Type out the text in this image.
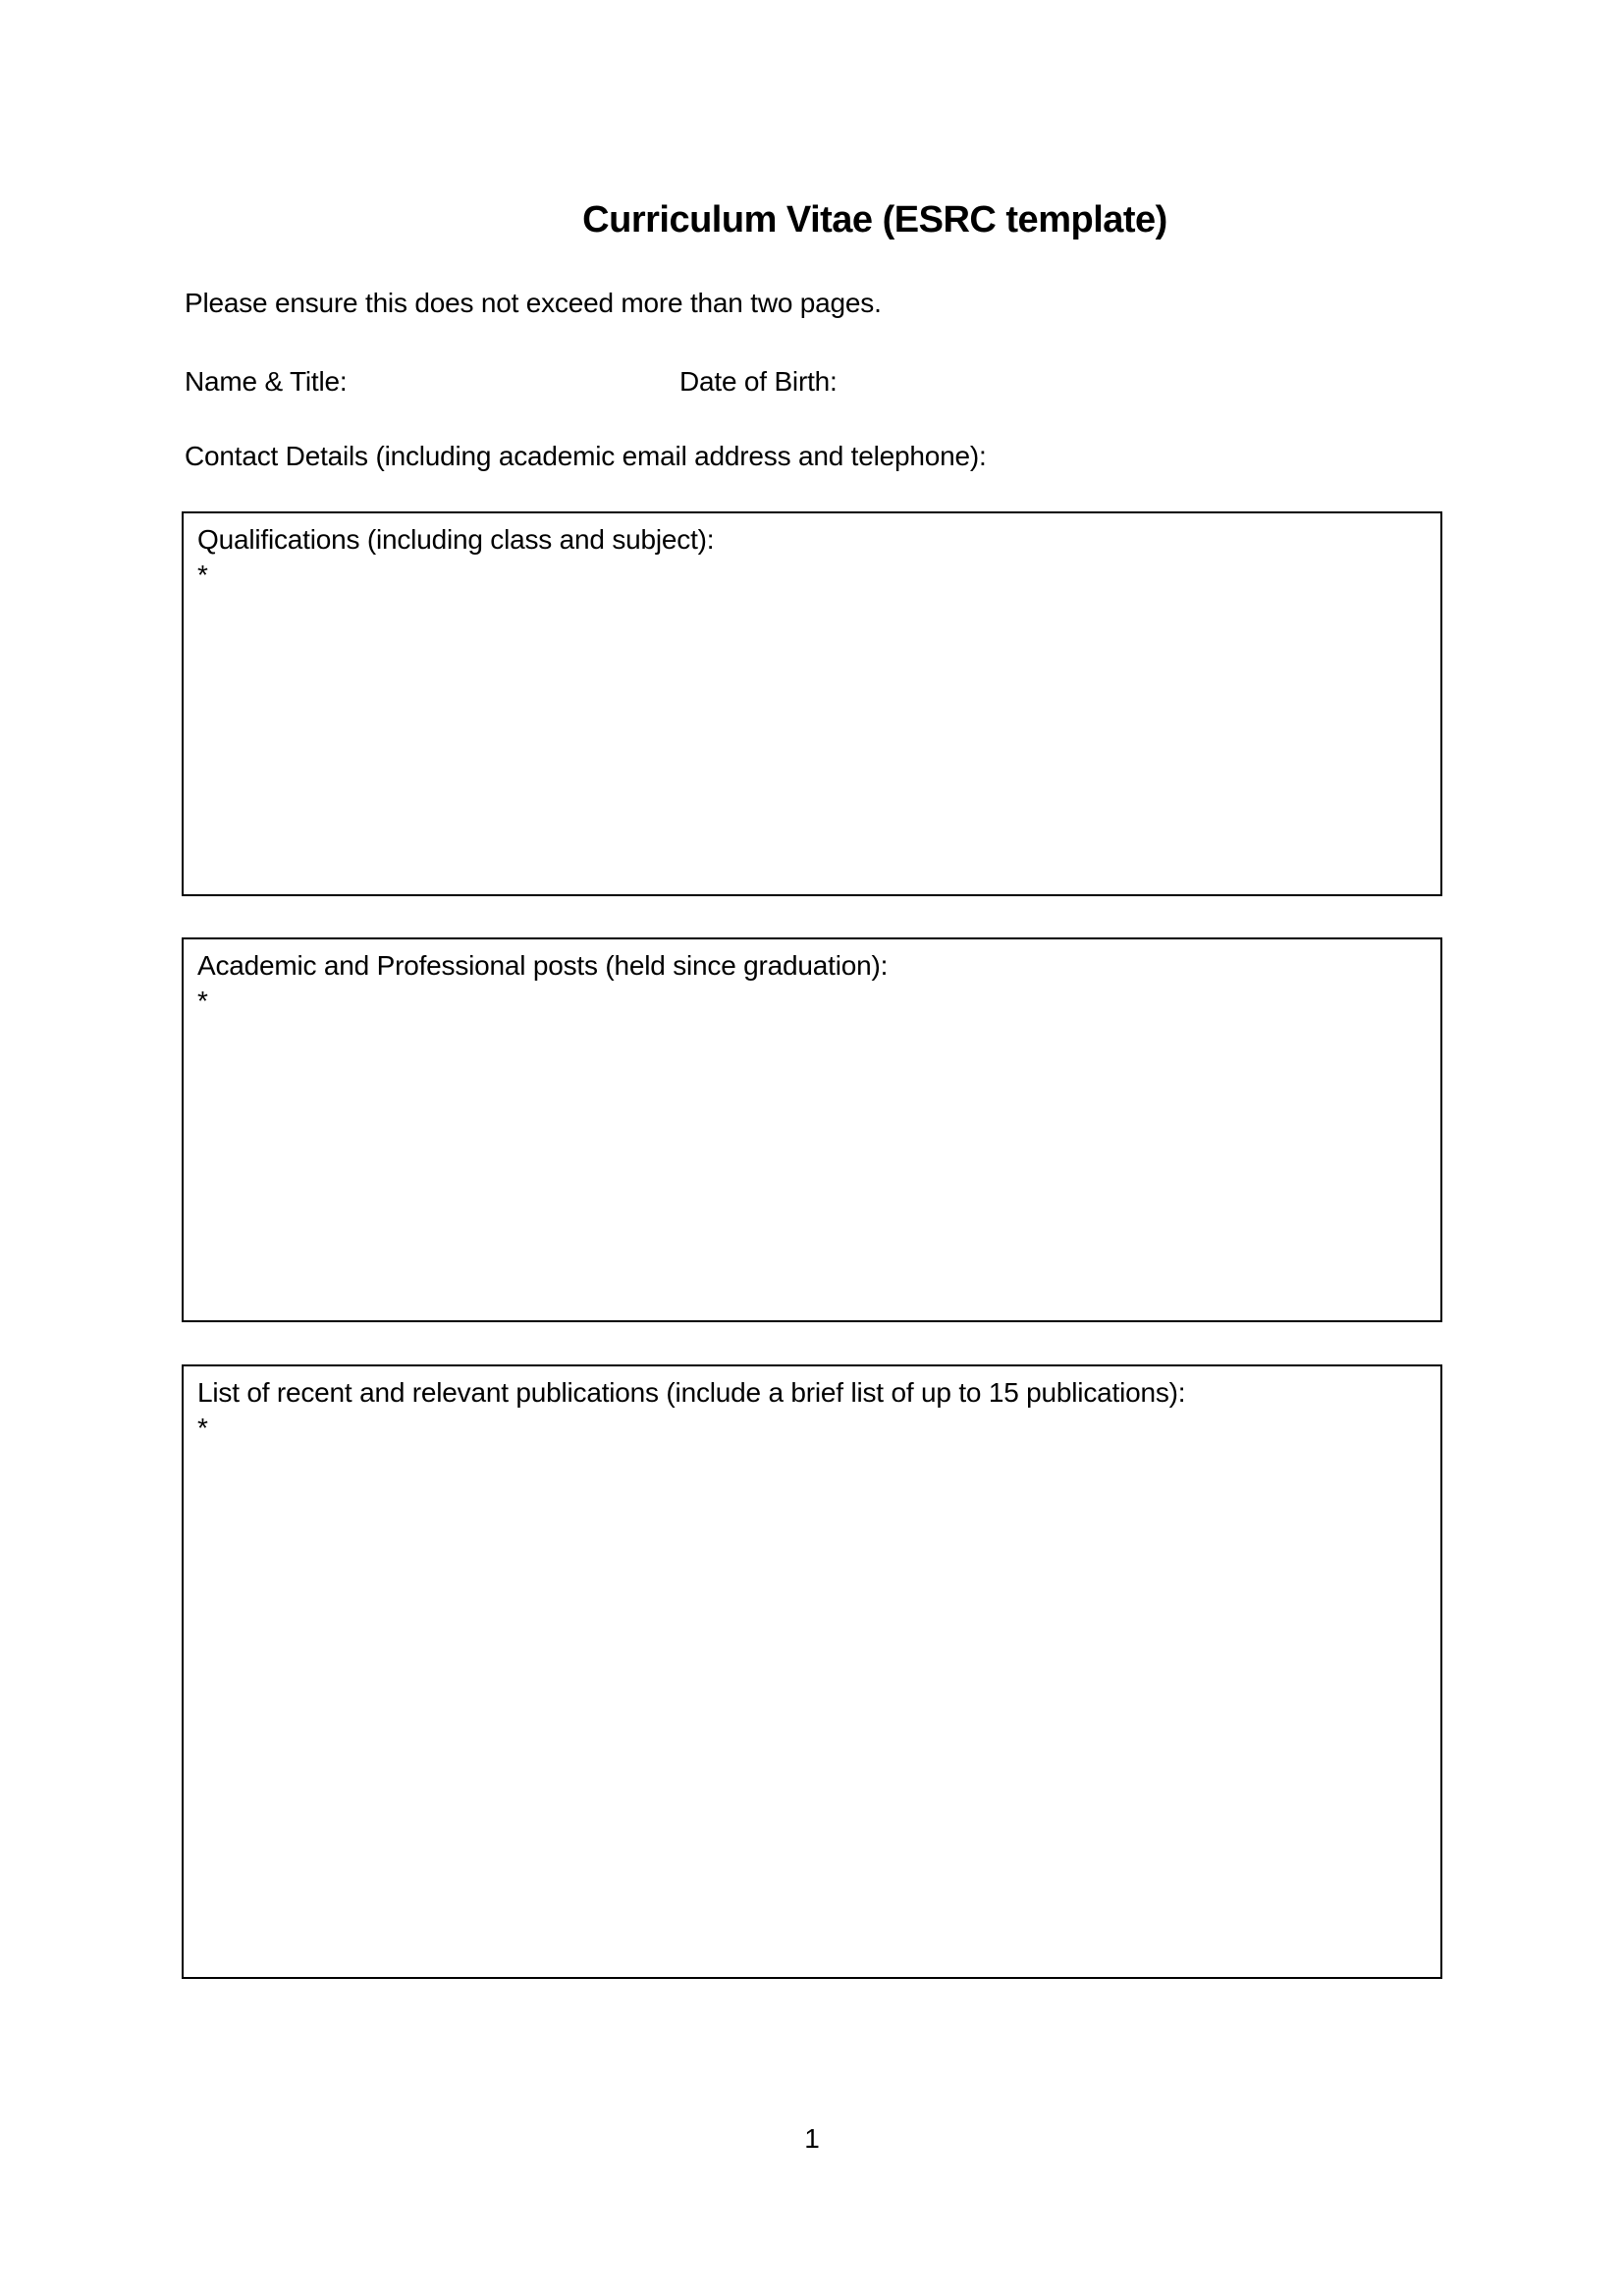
Curriculum Vitae (ESRC template)
Please ensure this does not exceed more than two pages.
Name & Title:	Date of Birth:
Contact Details (including academic email address and telephone):
Qualifications (including class and subject):
*
Academic and Professional posts (held since graduation):
*
List of recent and relevant publications (include a brief list of up to 15 publications):
*
1
